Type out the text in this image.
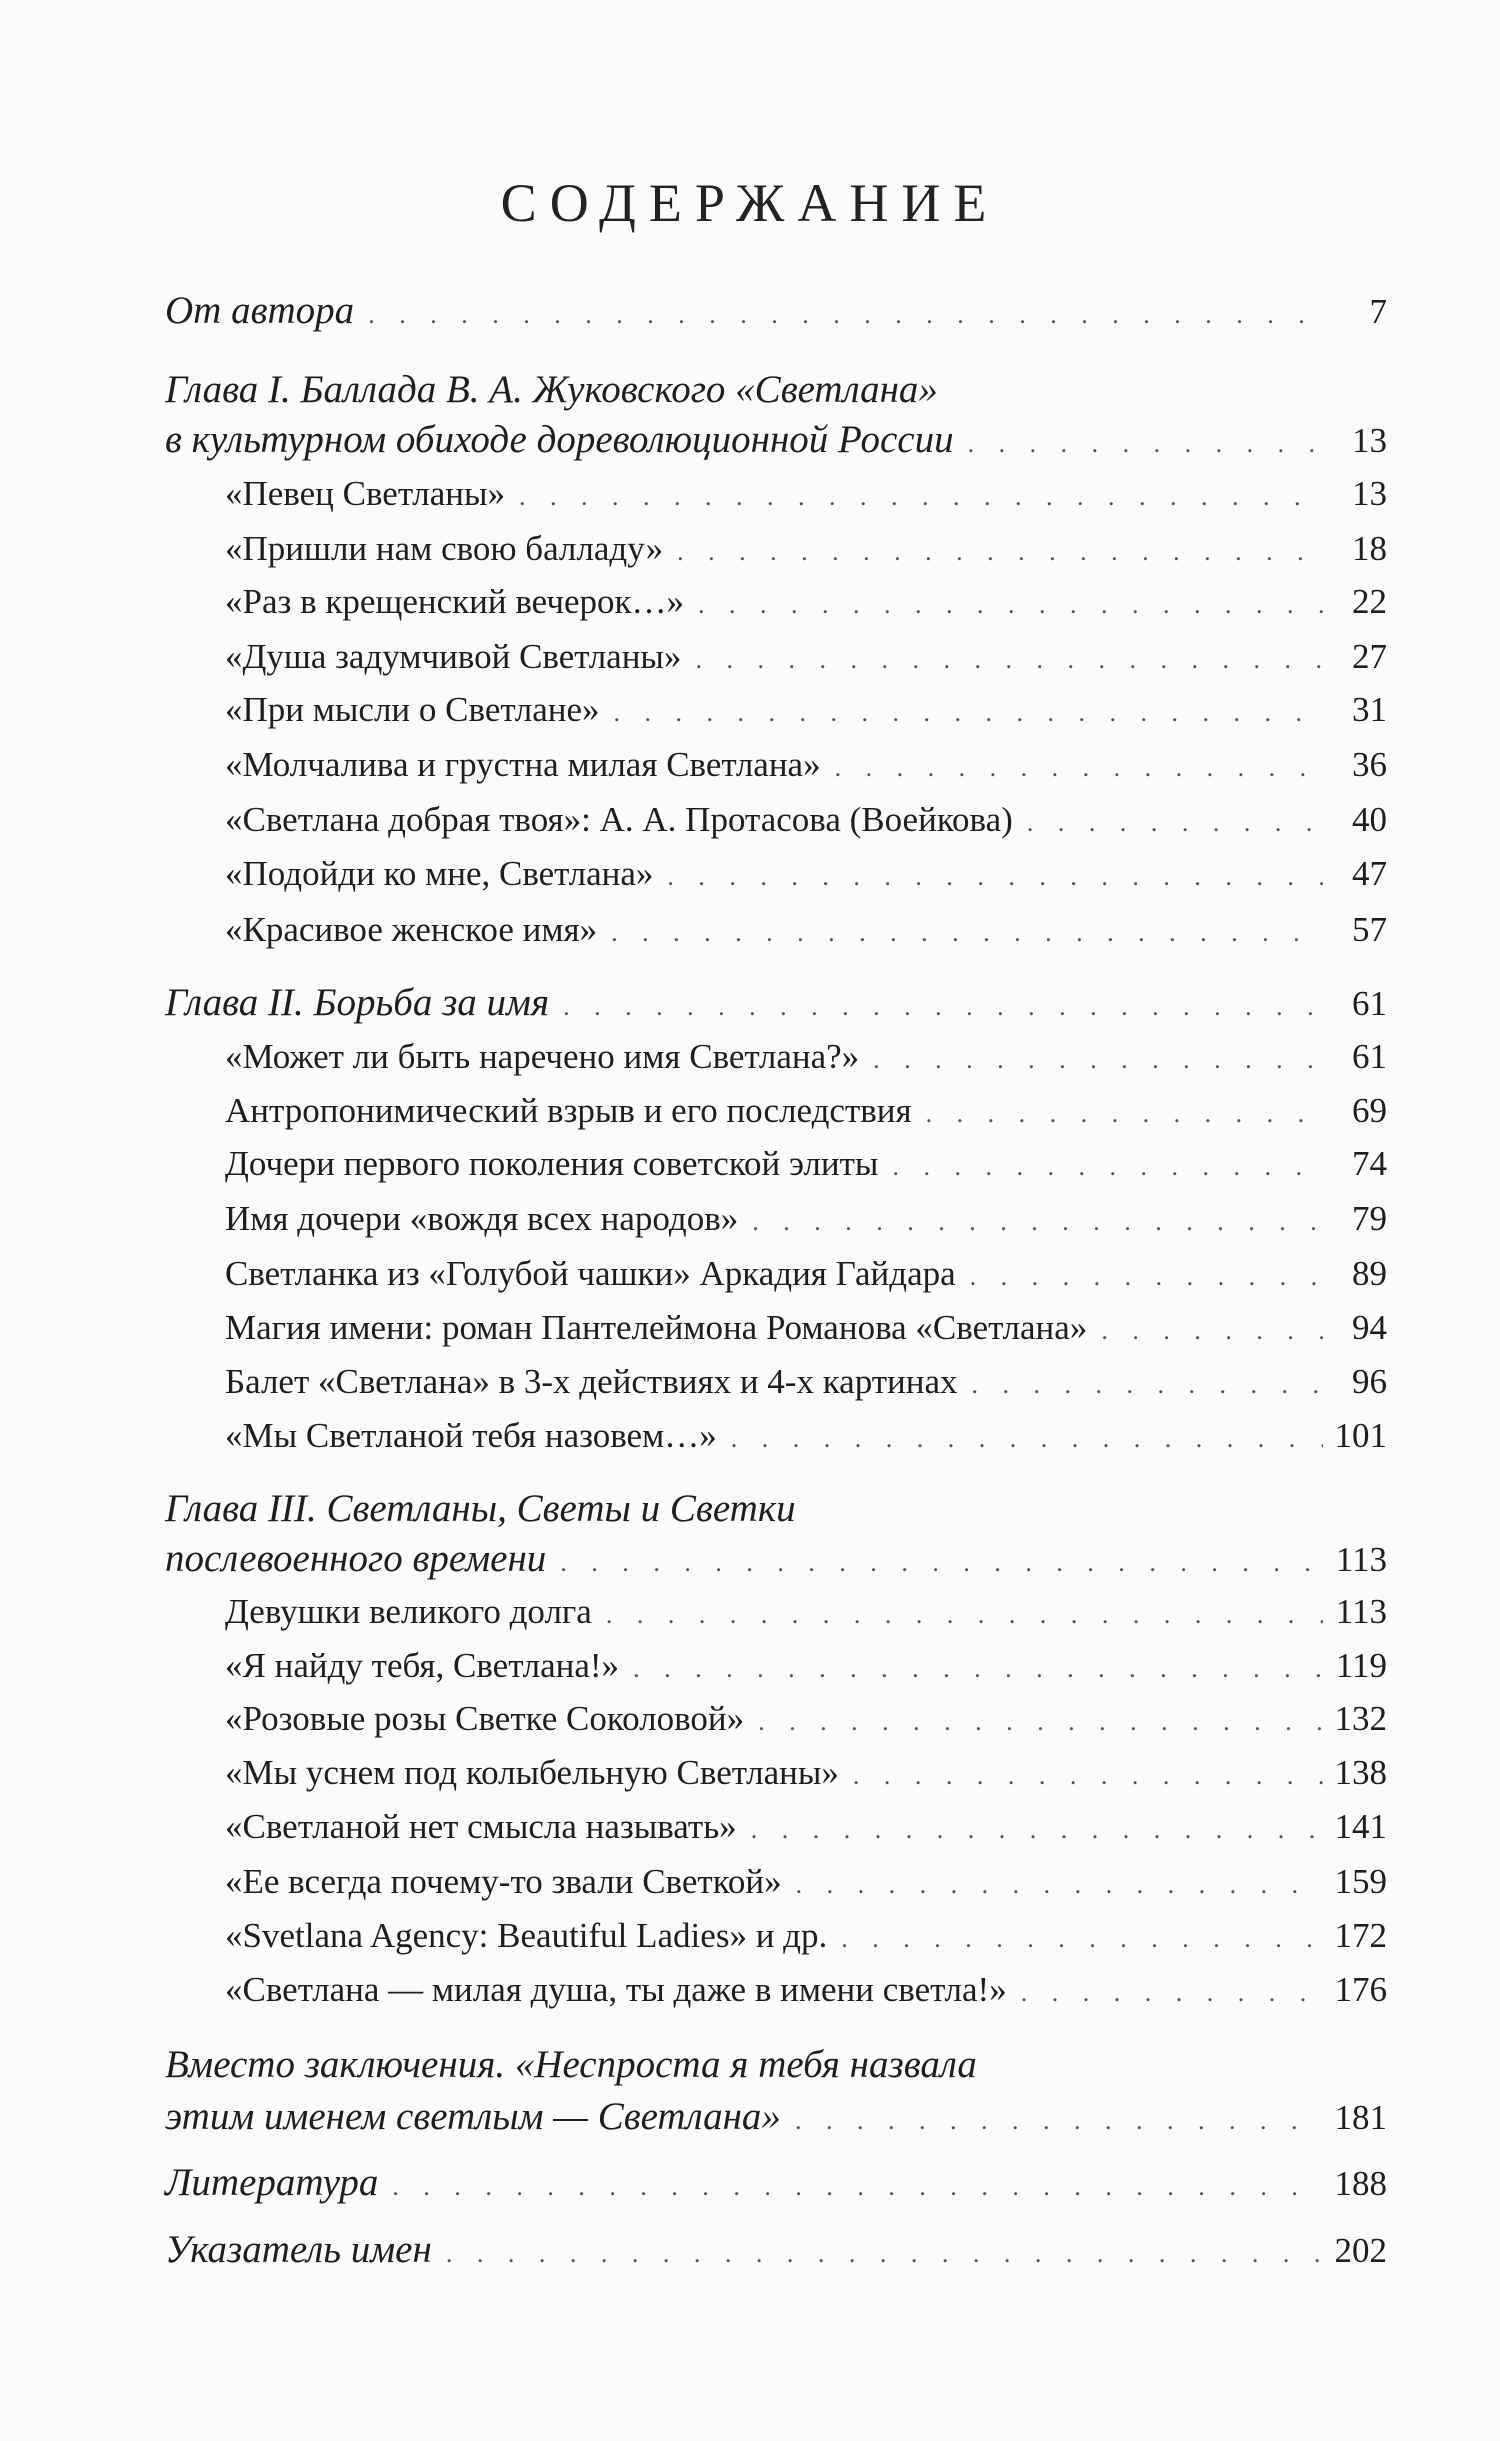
СОДЕРЖАНИЕ
От автора . . .	7
Глава I. Баллада В. А. Жуковского «Светлана»
в культурном обиходе дореволюционной России . . .	13
«Певец Светланы» . . .	13
«Пришли нам свою балладу» . . .	18
«Раз в крещенский вечерок…» . . .	22
«Душа задумчивой Светланы» . . .	27
«При мысли о Светлане» . . .	31
«Молчалива и грустна милая Светлана» . . .	36
«Светлана добрая твоя»: А. А. Протасова (Воейкова) . . .	40
«Подойди ко мне, Светлана» . . .	47
«Красивое женское имя» . . .	57
Глава II. Борьба за имя . . .	61
«Может ли быть наречено имя Светлана?» . . .	61
Антропонимический взрыв и его последствия . . .	69
Дочери первого поколения советской элиты . . .	74
Имя дочери «вождя всех народов» . . .	79
Светланка из «Голубой чашки» Аркадия Гайдара . . .	89
Магия имени: роман Пантелеймона Романова «Светлана» . . .	94
Балет «Светлана» в 3-х действиях и 4-х картинах . . .	96
«Мы Светланой тебя назовем…» . . .	101
Глава III. Светланы, Светы и Светки
послевоенного времени . . .	113
Девушки великого долга . . .	113
«Я найду тебя, Светлана!» . . .	119
«Розовые розы Светке Соколовой» . . .	132
«Мы уснем под колыбельную Светланы» . . .	138
«Светланой нет смысла называть» . . .	141
«Ее всегда почему-то звали Светкой» . . .	159
«Svetlana Agency: Beautiful Ladies» и др. . . .	172
«Светлана — милая душа, ты даже в имени светла!» . . .	176
Вместо заключения. «Неспроста я тебя назвала
этим именем светлым — Светлана» . . .	181
Литература . . .	188
Указатель имен . . .	202
